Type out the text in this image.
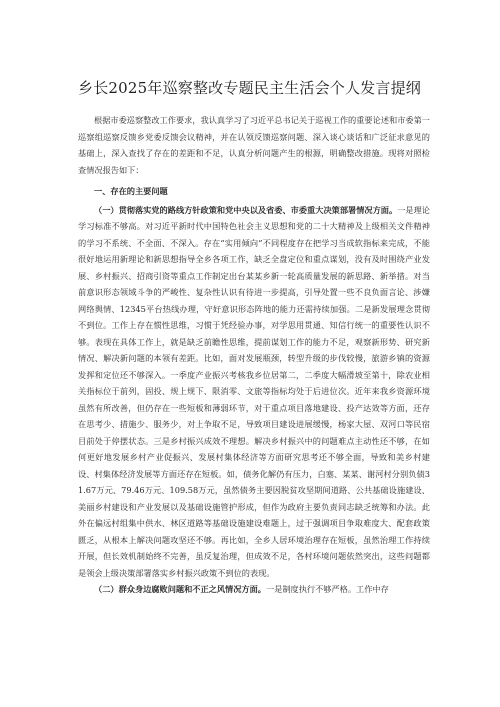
乡长2025年巡察整改专题民主生活会个人发言提纲

根据市委巡察整改工作要求，我认真学习了习近平总书记关于巡视工作的重要论述和市委第一巡察组巡察反馈乡党委反馈会议精神，并在认领反馈巡察问题、深入谈心谈话和广泛征求意见的基础上，深入查找了存在的差距和不足，认真分析问题产生的根源，明确整改措施。现将对照检查情况报告如下：

一、存在的主要问题

（一）贯彻落实党的路线方针政策和党中央以及省委、市委重大决策部署情况方面。一是理论学习标准不够高。对习近平新时代中国特色社会主义思想和党的二十大精神及上级相关文件精神的学习不系统、不全面、不深入。存在“实用倾向”不同程度存在把学习当成软指标来完成，不能很好地运用新理论和新思想指导全乡各项工作，缺乏全盘定位和重点谋划，没有及时围绕产业发展、乡村振兴、招商引资等重点工作制定出台某某乡新一轮高质量发展的新思路、新举措。对当前意识形态领域斗争的严峻性、复杂性认识有待进一步提高，引导处置一些不良负面言论、涉嫌网络舆情、12345平台热线办理，守好意识形态阵地的能力还需持续加强。二是新发展理念贯彻不到位。工作上存在惯性思维，习惯于凭经验办事，对学思用贯通、知信行统一的重要性认识不够。表现在具体工作上，就是缺乏前瞻性思维，提前谋划工作的能力不足，观察新形势、研究新情况、解决新问题的本领有差距。比如，面对发展瓶颈，转型升级的步伐较慢，旅游乡镇的资源发挥和定位还不够深入。一季度产业振兴考核我乡位居第二，二季度大幅滑坡至第十，除农业相关指标位于前列，固投、规上规下、限消零、文旅等指标均处于后进位次。近年来我乡资源环境虽然有所改善，但仍存在一些短板和薄弱环节，对于重点项目落地建设、投产达效等方面，还存在思考少、措施少、服务少，对上争取不足，导致项目建设进展缓慢，杨家大屋、双河口等民宿目前处于停摆状态。三是乡村振兴成效不理想。解决乡村振兴中的问题难点主动性还不够，在如何更好地发展乡村产业促振兴、发展村集体经济等方面研究思考还不够全面，导致和美乡村建设、村集体经济发展等方面还存在短板。如，债务化解仍有压力，白塞、某某、谢河村分别负债31.67万元、79.46万元、109.58万元，虽然债务主要因脱贫攻坚期间道路、公共基础设施建设、美丽乡村建设和产业发展以及基础设施管护形成，但作为政府主要负责同志缺乏统筹和办法。此外在偏远村组集中供水、林区道路等基础设施建设难题上，过于强调项目争取难度大、配套政策匮乏，从根本上解决问题攻坚还不够。再比如，全乡人居环境治理存在短板，虽然治理工作持续开展，但长效机制始终不完善，虽反复治理，但成效不足，各村环境问题依然突出，这些问题都是领会上级决策部署落实乡村振兴政策不到位的表现。

（二）群众身边腐败问题和不正之风情况方面。一是制度执行不够严格。工作中存
